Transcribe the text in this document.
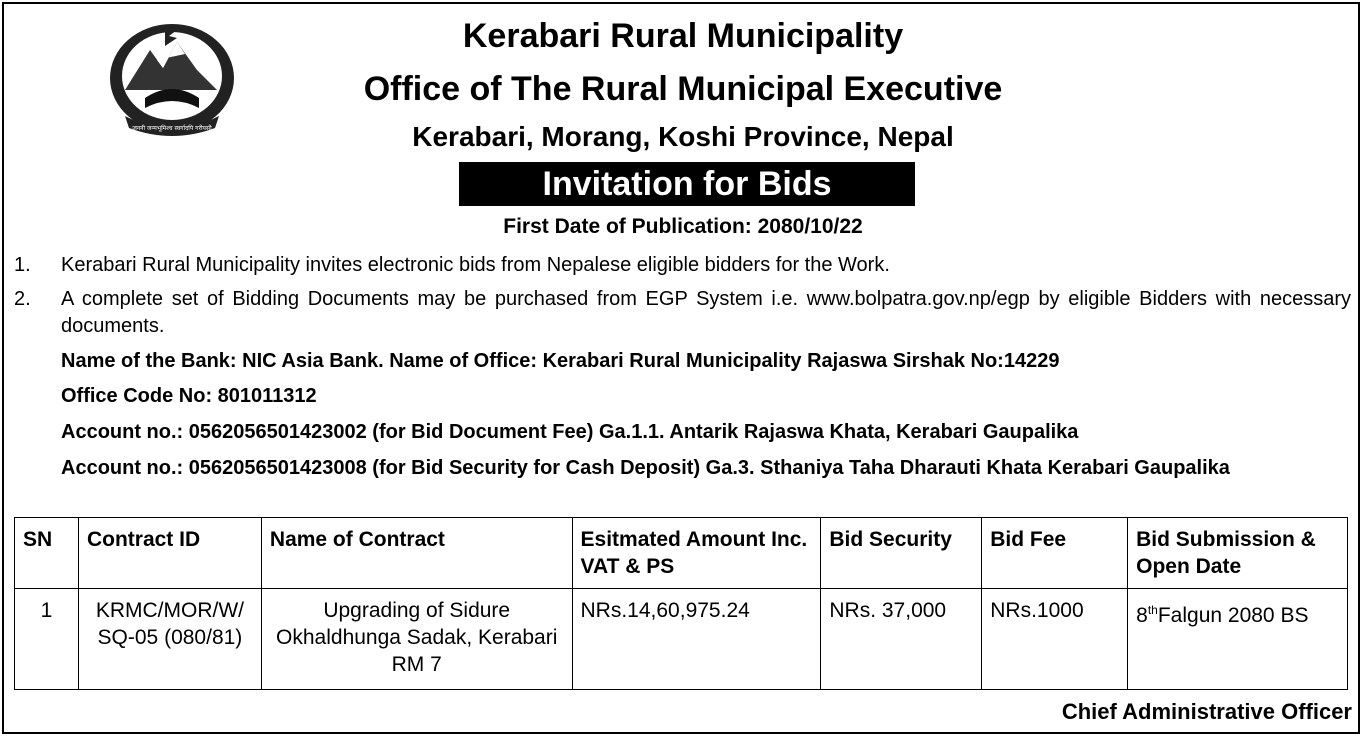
जननी जन्मभूमिश्च स्वर्गादपि गरीयसी
Kerabari Rural Municipality
Office of The Rural Municipal Executive
Kerabari, Morang, Koshi Province, Nepal
Invitation for Bids
First Date of Publication: 2080/10/22
1. Kerabari Rural Municipality invites electronic bids from Nepalese eligible bidders for the Work.
2. A complete set of Bidding Documents may be purchased from EGP System i.e. www.bolpatra.gov.np/egp by eligible Bidders with necessary documents.
Name of the Bank: NIC Asia Bank. Name of Office: Kerabari Rural Municipality Rajaswa Sirshak No:14229
Office Code No: 801011312
Account no.: 0562056501423002 (for Bid Document Fee) Ga.1.1. Antarik Rajaswa Khata, Kerabari Gaupalika
Account no.: 0562056501423008 (for Bid Security for Cash Deposit) Ga.3. Sthaniya Taha Dharauti Khata Kerabari Gaupalika
SN	Contract ID	Name of Contract	Esitmated Amount Inc. VAT & PS	Bid Security	Bid Fee	Bid Submission & Open Date
1	KRMC/MOR/W/ SQ-05 (080/81)	Upgrading of Sidure Okhaldhunga Sadak, Kerabari RM 7	NRs.14,60,975.24	NRs. 37,000	NRs.1000	8thFalgun 2080 BS
Chief Administrative Officer
